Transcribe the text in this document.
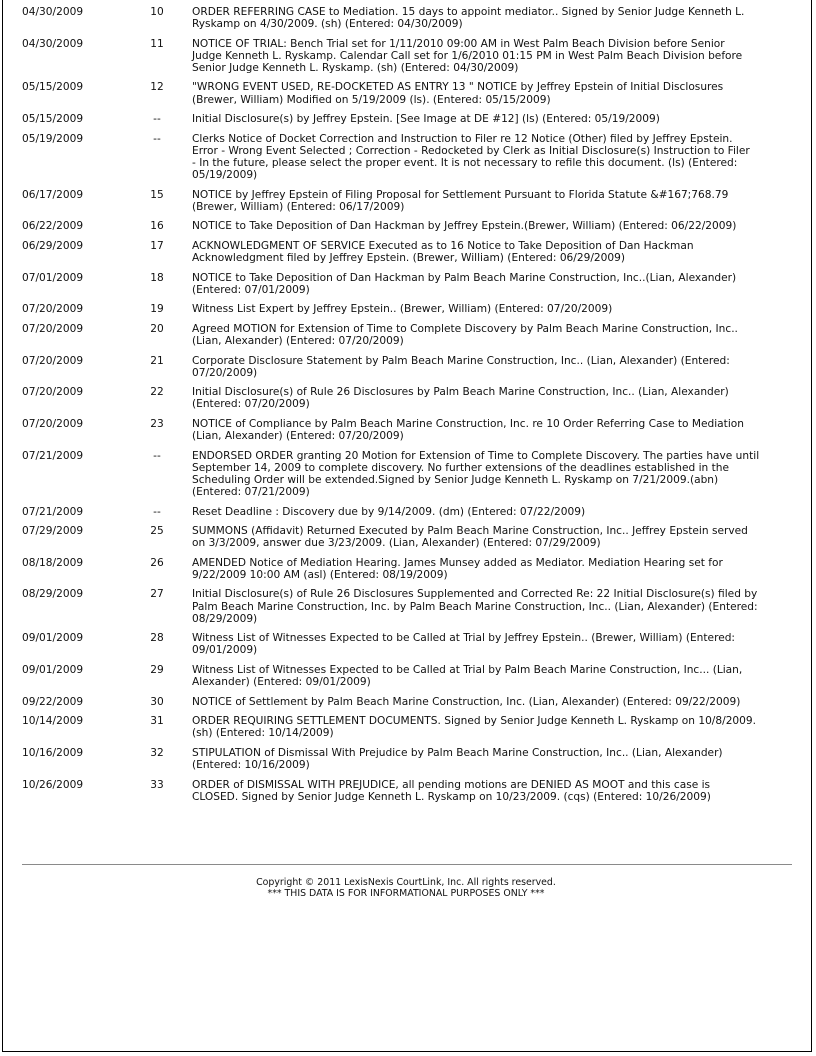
04/30/2009	10	ORDER REFERRING CASE to Mediation. 15 days to appoint mediator.. Signed by Senior Judge Kenneth L.
Ryskamp on 4/30/2009. (sh) (Entered: 04/30/2009)
04/30/2009	11	NOTICE OF TRIAL: Bench Trial set for 1/11/2010 09:00 AM in West Palm Beach Division before Senior
Judge Kenneth L. Ryskamp. Calendar Call set for 1/6/2010 01:15 PM in West Palm Beach Division before
Senior Judge Kenneth L. Ryskamp. (sh) (Entered: 04/30/2009)
05/15/2009	12	"WRONG EVENT USED, RE-DOCKETED AS ENTRY 13 " NOTICE by Jeffrey Epstein of Initial Disclosures
(Brewer, William) Modified on 5/19/2009 (ls). (Entered: 05/15/2009)
05/15/2009	--	Initial Disclosure(s) by Jeffrey Epstein. [See Image at DE #12] (ls) (Entered: 05/19/2009)
05/19/2009	--	Clerks Notice of Docket Correction and Instruction to Filer re 12 Notice (Other) filed by Jeffrey Epstein.
Error - Wrong Event Selected ; Correction - Redocketed by Clerk as Initial Disclosure(s) Instruction to Filer
- In the future, please select the proper event. It is not necessary to refile this document. (ls) (Entered:
05/19/2009)
06/17/2009	15	NOTICE by Jeffrey Epstein of Filing Proposal for Settlement Pursuant to Florida Statute &#167;768.79
(Brewer, William) (Entered: 06/17/2009)
06/22/2009	16	NOTICE to Take Deposition of Dan Hackman by Jeffrey Epstein.(Brewer, William) (Entered: 06/22/2009)
06/29/2009	17	ACKNOWLEDGMENT OF SERVICE Executed as to 16 Notice to Take Deposition of Dan Hackman
Acknowledgment filed by Jeffrey Epstein. (Brewer, William) (Entered: 06/29/2009)
07/01/2009	18	NOTICE to Take Deposition of Dan Hackman by Palm Beach Marine Construction, Inc..(Lian, Alexander)
(Entered: 07/01/2009)
07/20/2009	19	Witness List Expert by Jeffrey Epstein.. (Brewer, William) (Entered: 07/20/2009)
07/20/2009	20	Agreed MOTION for Extension of Time to Complete Discovery by Palm Beach Marine Construction, Inc..
(Lian, Alexander) (Entered: 07/20/2009)
07/20/2009	21	Corporate Disclosure Statement by Palm Beach Marine Construction, Inc.. (Lian, Alexander) (Entered:
07/20/2009)
07/20/2009	22	Initial Disclosure(s) of Rule 26 Disclosures by Palm Beach Marine Construction, Inc.. (Lian, Alexander)
(Entered: 07/20/2009)
07/20/2009	23	NOTICE of Compliance by Palm Beach Marine Construction, Inc. re 10 Order Referring Case to Mediation
(Lian, Alexander) (Entered: 07/20/2009)
07/21/2009	--	ENDORSED ORDER granting 20 Motion for Extension of Time to Complete Discovery. The parties have until
September 14, 2009 to complete discovery. No further extensions of the deadlines established in the
Scheduling Order will be extended.Signed by Senior Judge Kenneth L. Ryskamp on 7/21/2009.(abn)
(Entered: 07/21/2009)
07/21/2009	--	Reset Deadline : Discovery due by 9/14/2009. (dm) (Entered: 07/22/2009)
07/29/2009	25	SUMMONS (Affidavit) Returned Executed by Palm Beach Marine Construction, Inc.. Jeffrey Epstein served
on 3/3/2009, answer due 3/23/2009. (Lian, Alexander) (Entered: 07/29/2009)
08/18/2009	26	AMENDED Notice of Mediation Hearing. James Munsey added as Mediator. Mediation Hearing set for
9/22/2009 10:00 AM (asl) (Entered: 08/19/2009)
08/29/2009	27	Initial Disclosure(s) of Rule 26 Disclosures Supplemented and Corrected Re: 22 Initial Disclosure(s) filed by
Palm Beach Marine Construction, Inc. by Palm Beach Marine Construction, Inc.. (Lian, Alexander) (Entered:
08/29/2009)
09/01/2009	28	Witness List of Witnesses Expected to be Called at Trial by Jeffrey Epstein.. (Brewer, William) (Entered:
09/01/2009)
09/01/2009	29	Witness List of Witnesses Expected to be Called at Trial by Palm Beach Marine Construction, Inc... (Lian,
Alexander) (Entered: 09/01/2009)
09/22/2009	30	NOTICE of Settlement by Palm Beach Marine Construction, Inc. (Lian, Alexander) (Entered: 09/22/2009)
10/14/2009	31	ORDER REQUIRING SETTLEMENT DOCUMENTS. Signed by Senior Judge Kenneth L. Ryskamp on 10/8/2009.
(sh) (Entered: 10/14/2009)
10/16/2009	32	STIPULATION of Dismissal With Prejudice by Palm Beach Marine Construction, Inc.. (Lian, Alexander)
(Entered: 10/16/2009)
10/26/2009	33	ORDER of DISMISSAL WITH PREJUDICE, all pending motions are DENIED AS MOOT and this case is
CLOSED. Signed by Senior Judge Kenneth L. Ryskamp on 10/23/2009. (cqs) (Entered: 10/26/2009)
Copyright © 2011 LexisNexis CourtLink, Inc. All rights reserved.
*** THIS DATA IS FOR INFORMATIONAL PURPOSES ONLY ***
